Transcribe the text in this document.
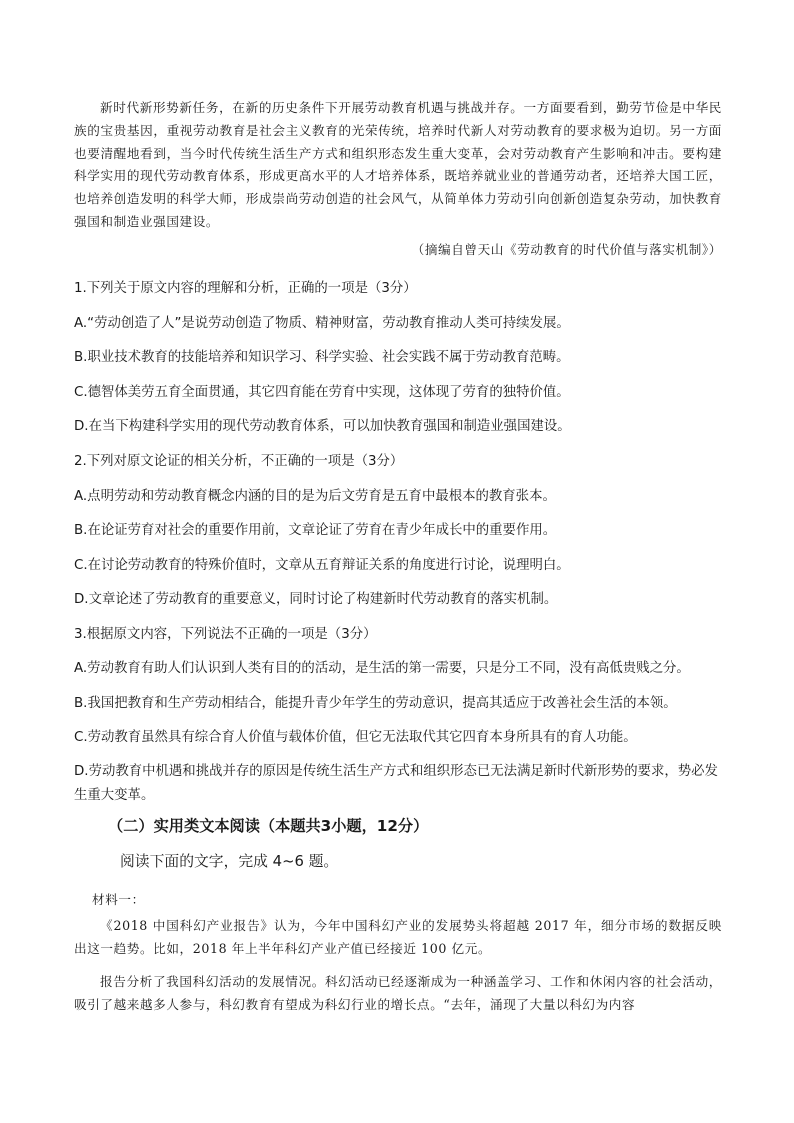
新时代新形势新任务，在新的历史条件下开展劳动教育机遇与挑战并存。一方面要看到，勤劳节俭是中华民族的宝贵基因，重视劳动教育是社会主义教育的光荣传统，培养时代新人对劳动教育的要求极为迫切。另一方面也要清醒地看到，当今时代传统生活生产方式和组织形态发生重大变革，会对劳动教育产生影响和冲击。要构建科学实用的现代劳动教育体系，形成更高水平的人才培养体系，既培养就业业的普通劳动者，还培养大国工匠，也培养创造发明的科学大师，形成崇尚劳动创造的社会风气，从简单体力劳动引向创新创造复杂劳动，加快教育强国和制造业强国建设。

（摘编自曾天山《劳动教育的时代价值与落实机制》）
1.下列关于原文内容的理解和分析，正确的一项是（3分）
A.“劳动创造了人”是说劳动创造了物质、精神财富，劳动教育推动人类可持续发展。
B.职业技术教育的技能培养和知识学习、科学实验、社会实践不属于劳动教育范畴。
C.德智体美劳五育全面贯通，其它四育能在劳育中实现，这体现了劳育的独特价值。
D.在当下构建科学实用的现代劳动教育体系，可以加快教育强国和制造业强国建设。
2.下列对原文论证的相关分析，不正确的一项是（3分）
A.点明劳动和劳动教育概念内涵的目的是为后文劳育是五育中最根本的教育张本。
B.在论证劳育对社会的重要作用前，文章论证了劳育在青少年成长中的重要作用。
C.在讨论劳动教育的特殊价值时，文章从五育辩证关系的角度进行讨论，说理明白。
D.文章论述了劳动教育的重要意义，同时讨论了构建新时代劳动教育的落实机制。
3.根据原文内容，下列说法不正确的一项是（3分）
A.劳动教育有助人们认识到人类有目的的活动，是生活的第一需要，只是分工不同，没有高低贵贱之分。
B.我国把教育和生产劳动相结合，能提升青少年学生的劳动意识，提高其适应于改善社会生活的本领。
C.劳动教育虽然具有综合育人价值与载体价值，但它无法取代其它四育本身所具有的育人功能。
D.劳动教育中机遇和挑战并存的原因是传统生活生产方式和组织形态已无法满足新时代新形势的要求，势必发生重大变革。
（二）实用类文本阅读（本题共3小题，12分）
阅读下面的文字，完成 4~6 题。
材料一：

《2018 中国科幻产业报告》认为，今年中国科幻产业的发展势头将超越 2017 年，细分市场的数据反映出这一趋势。比如，2018 年上半年科幻产业产值已经接近 100 亿元。

报告分析了我国科幻活动的发展情况。科幻活动已经逐渐成为一种涵盖学习、工作和休闲内容的社会活动，吸引了越来越多人参与，科幻教育有望成为科幻行业的增长点。“去年，涌现了大量以科幻为内容
